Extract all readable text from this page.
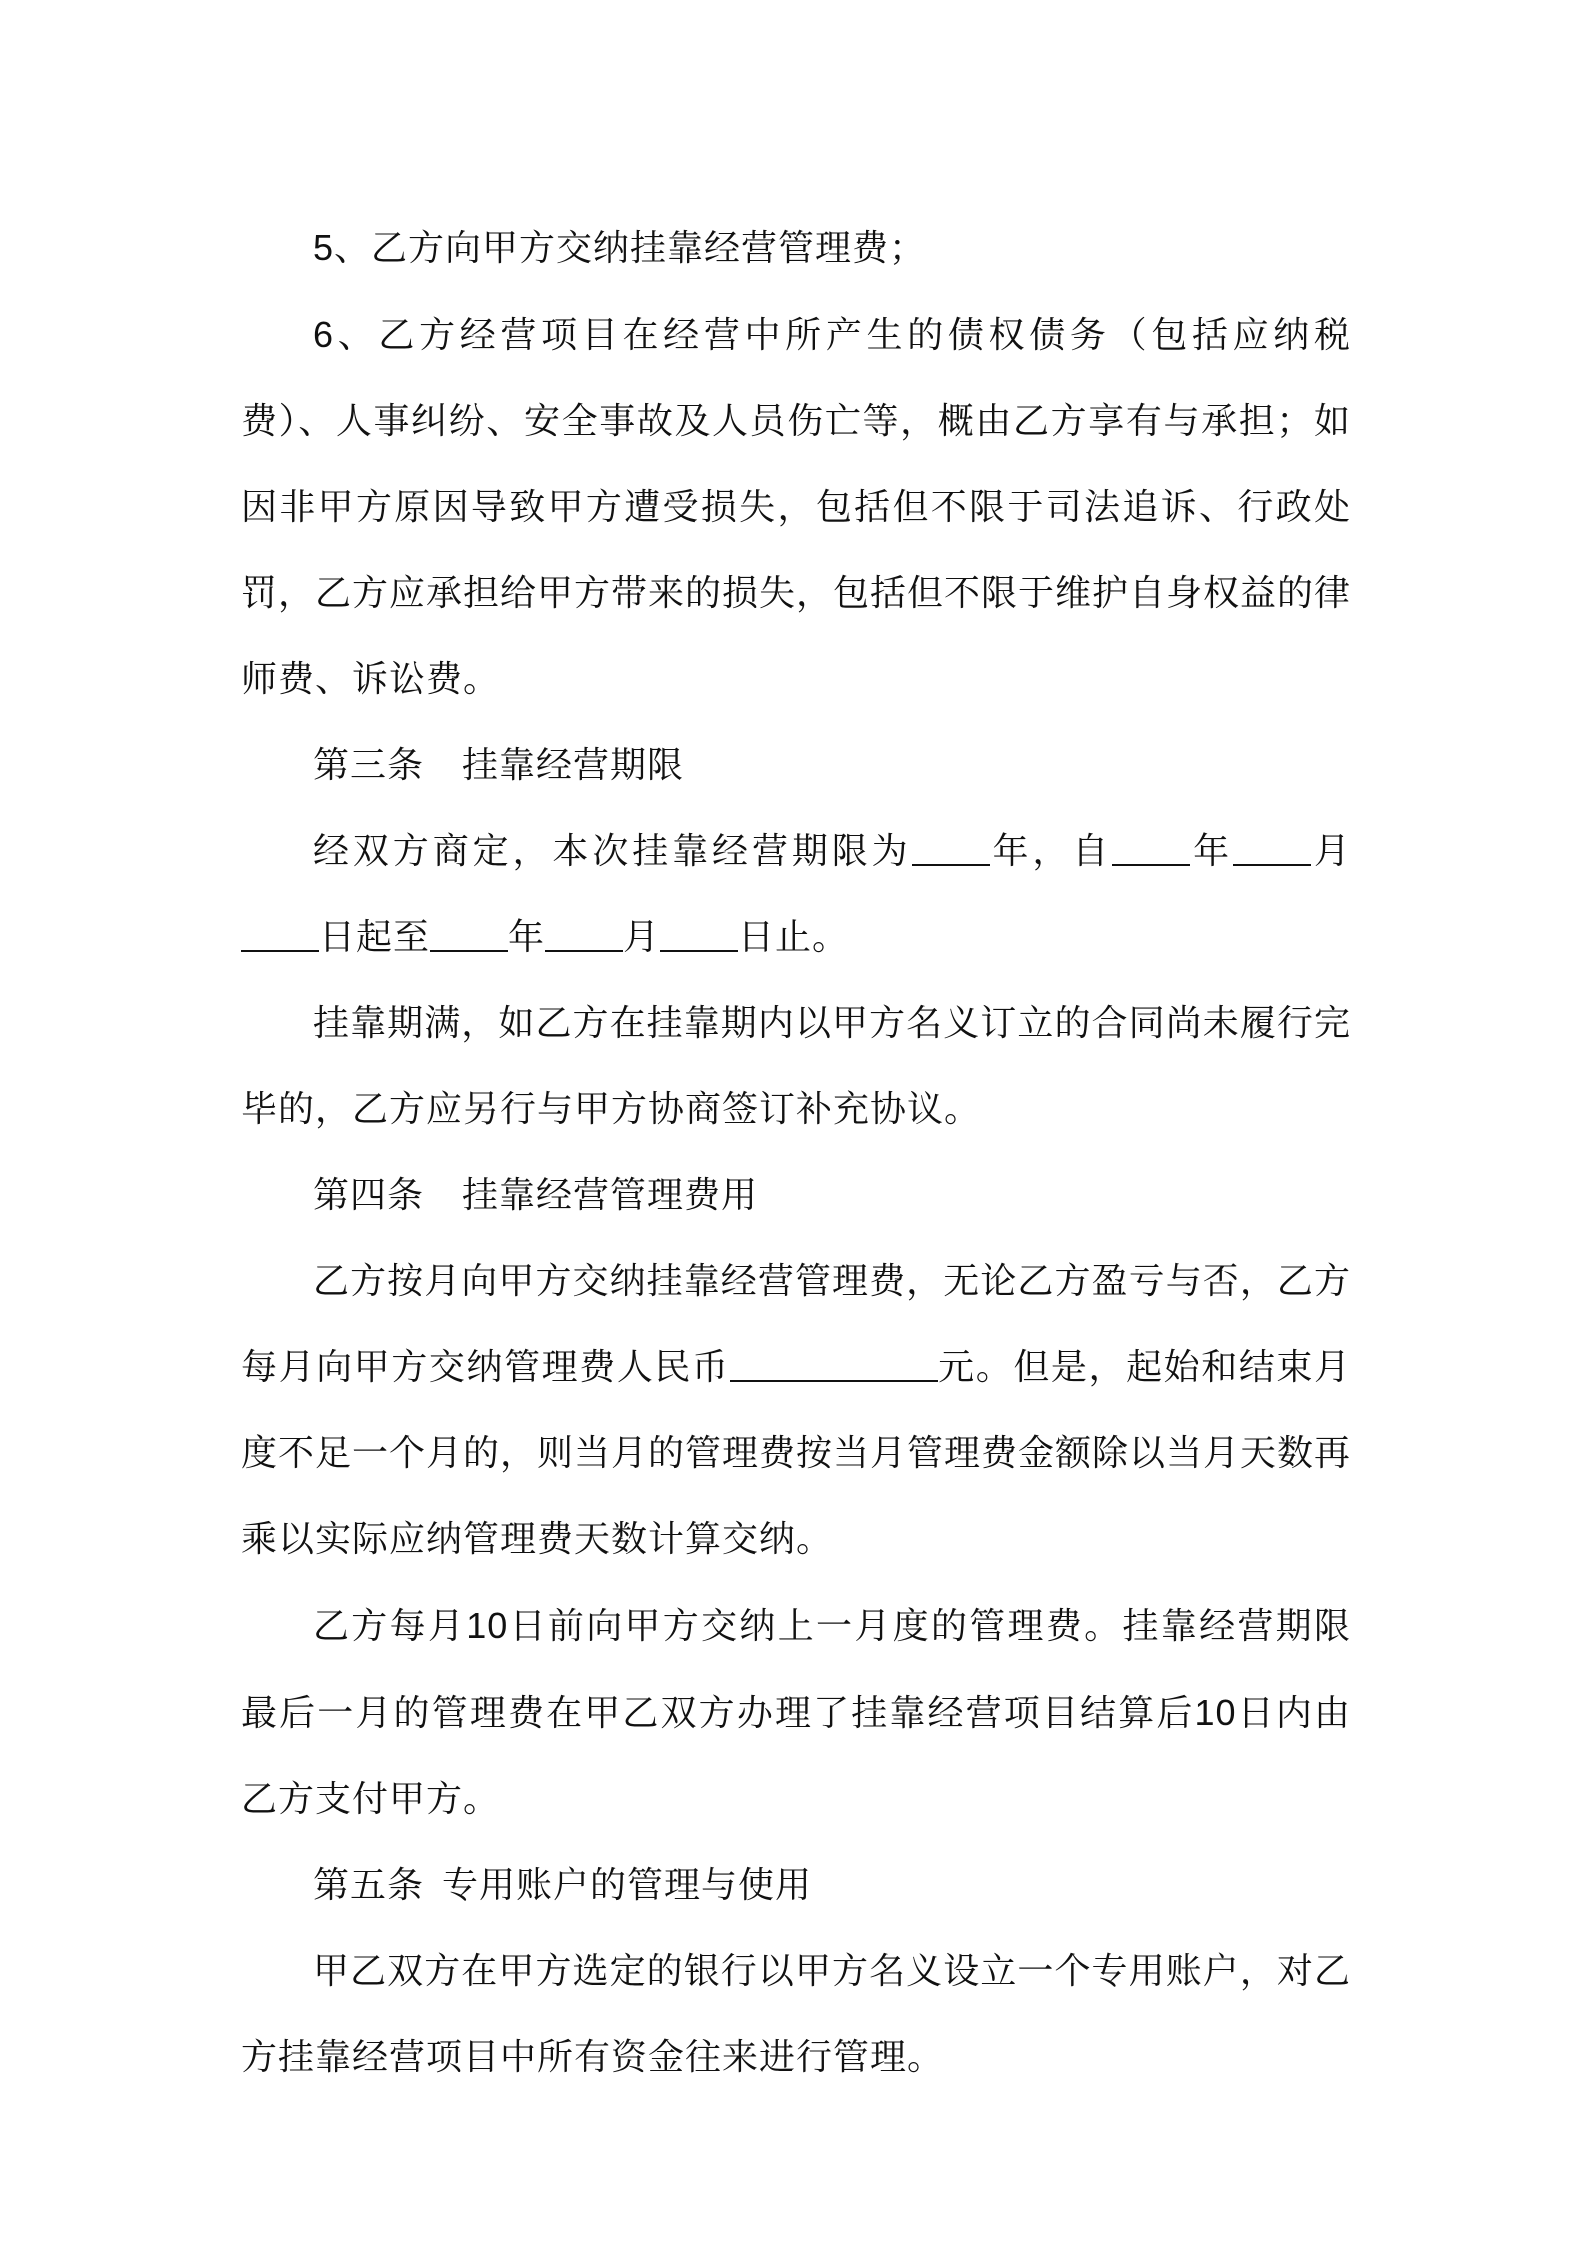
5、乙方向甲方交纳挂靠经营管理费；

6、乙方经营项目在经营中所产生的债权债务（包括应纳税费）、人事纠纷、安全事故及人员伤亡等，概由乙方享有与承担；如因非甲方原因导致甲方遭受损失，包括但不限于司法追诉、行政处罚，乙方应承担给甲方带来的损失，包括但不限于维护自身权益的律师费、诉讼费。

第三条 挂靠经营期限

经双方商定，本次挂靠经营期限为 年，自 年 月日起至 年 月 日止。

挂靠期满，如乙方在挂靠期内以甲方名义订立的合同尚未履行完毕的，乙方应另行与甲方协商签订补充协议。

第四条 挂靠经营管理费用

乙方按月向甲方交纳挂靠经营管理费，无论乙方盈亏与否，乙方每月向甲方交纳管理费人民币	元。但是，起始和结束月度不足一个月的，则当月的管理费按当月管理费金额除以当月天数再乘以实际应纳管理费天数计算交纳。

乙方每月10日前向甲方交纳上一月度的管理费。挂靠经营期限最后一月的管理费在甲乙双方办理了挂靠经营项目结算后10日内由乙方支付甲方。

第五条 专用账户的管理与使用

甲乙双方在甲方选定的银行以甲方名义设立一个专用账户，对乙方挂靠经营项目中所有资金往来进行管理。
